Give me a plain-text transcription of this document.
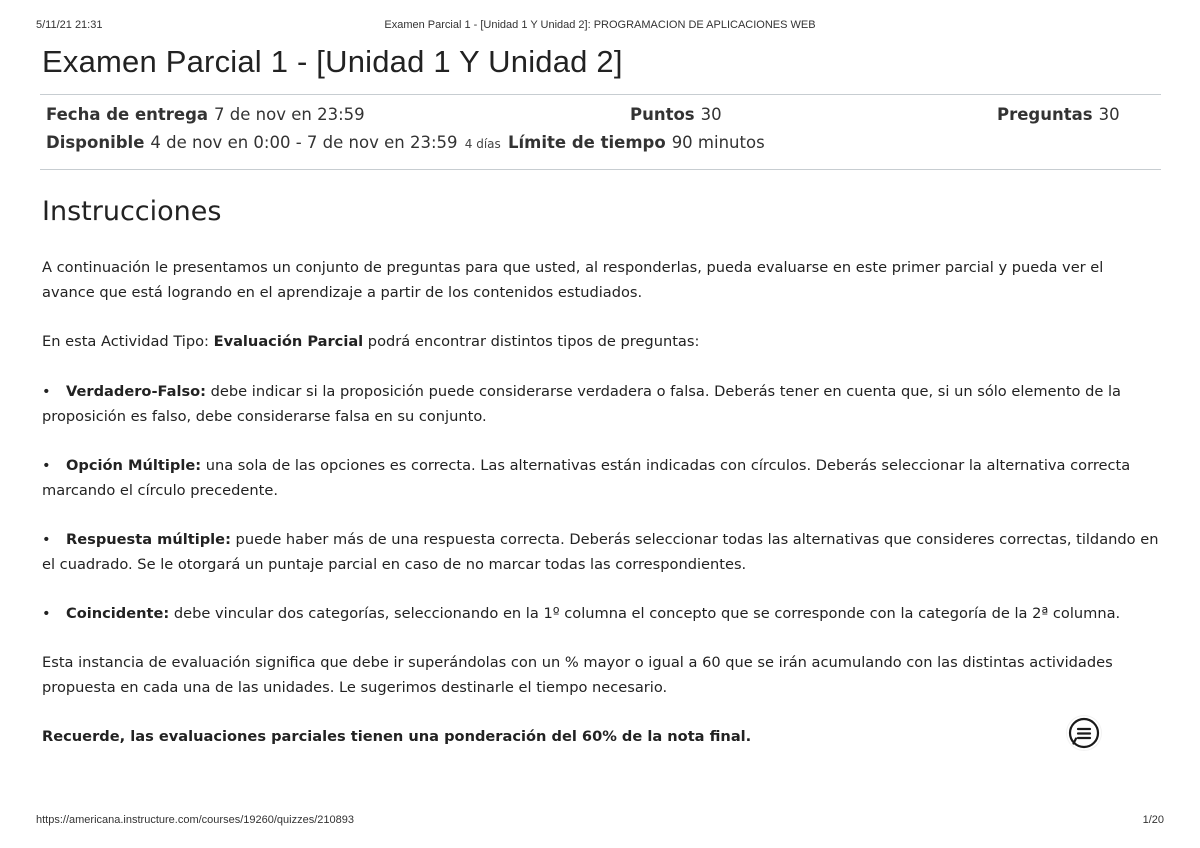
5/11/21 21:31	Examen Parcial 1 - [Unidad 1 Y Unidad 2]: PROGRAMACION DE APLICACIONES WEB
Examen Parcial 1 - [Unidad 1 Y Unidad 2]
Fecha de entrega 7 de nov en 23:59	Puntos 30	Preguntas 30
Disponible 4 de nov en 0:00 - 7 de nov en 23:59 4 días Límite de tiempo 90 minutos
Instrucciones

A continuación le presentamos un conjunto de preguntas para que usted, al responderlas, pueda evaluarse en este primer parcial y pueda ver el avance que está logrando en el aprendizaje a partir de los contenidos estudiados.

En esta Actividad Tipo: Evaluación Parcial podrá encontrar distintos tipos de preguntas:

• Verdadero-Falso: debe indicar si la proposición puede considerarse verdadera o falsa. Deberás tener en cuenta que, si un sólo elemento de la proposición es falso, debe considerarse falsa en su conjunto.

• Opción Múltiple: una sola de las opciones es correcta. Las alternativas están indicadas con círculos. Deberás seleccionar la alternativa correcta marcando el círculo precedente.

• Respuesta múltiple: puede haber más de una respuesta correcta. Deberás seleccionar todas las alternativas que consideres correctas, tildando en el cuadrado. Se le otorgará un puntaje parcial en caso de no marcar todas las correspondientes.

• Coincidente: debe vincular dos categorías, seleccionando en la 1º columna el concepto que se corresponde con la categoría de la 2ª columna.

Esta instancia de evaluación significa que debe ir superándolas con un % mayor o igual a 60 que se irán acumulando con las distintas actividades propuesta en cada una de las unidades. Le sugerimos destinarle el tiempo necesario.

Recuerde, las evaluaciones parciales tienen una ponderación del 60% de la nota final.

https://americana.instructure.com/courses/19260/quizzes/210893	1/20
